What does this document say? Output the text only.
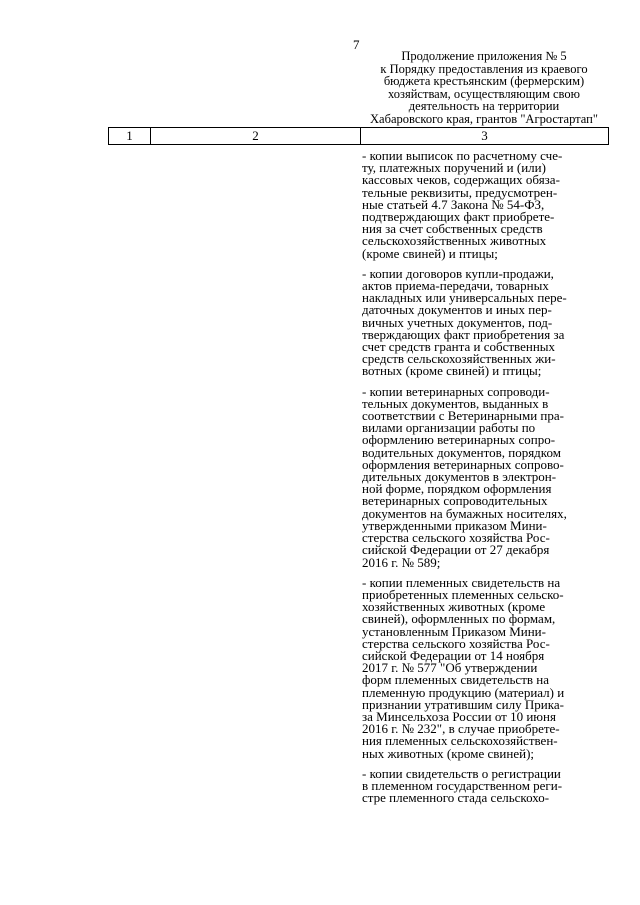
7
Продолжение приложения № 5
к Порядку предоставления из краевого
бюджета крестьянским (фермерским)
хозяйствам, осуществляющим свою
деятельность на территории
Хабаровского края, грантов "Агростартап"
1	2	3
- копии выписок по расчетному сче-
ту, платежных поручений и (или)
кассовых чеков, содержащих обяза-
тельные реквизиты, предусмотрен-
ные статьей 4.7 Закона № 54-ФЗ,
подтверждающих факт приобрете-
ния за счет собственных средств
сельскохозяйственных животных
(кроме свиней) и птицы;
- копии договоров купли-продажи,
актов приема-передачи, товарных
накладных или универсальных пере-
даточных документов и иных пер-
вичных учетных документов, под-
тверждающих факт приобретения за
счет средств гранта и собственных
средств сельскохозяйственных жи-
вотных (кроме свиней) и птицы;
- копии ветеринарных сопроводи-
тельных документов, выданных в
соответствии с Ветеринарными пра-
вилами организации работы по
оформлению ветеринарных сопро-
водительных документов, порядком
оформления ветеринарных сопрово-
дительных документов в электрон-
ной форме, порядком оформления
ветеринарных сопроводительных
документов на бумажных носителях,
утвержденными приказом Мини-
стерства сельского хозяйства Рос-
сийской Федерации от 27 декабря
2016 г. № 589;
- копии племенных свидетельств на
приобретенных племенных сельско-
хозяйственных животных (кроме
свиней), оформленных по формам,
установленным Приказом Мини-
стерства сельского хозяйства Рос-
сийской Федерации от 14 ноября
2017 г. № 577 "Об утверждении
форм племенных свидетельств на
племенную продукцию (материал) и
признании утратившим силу Прика-
за Минсельхоза России от 10 июня
2016 г. № 232", в случае приобрете-
ния племенных сельскохозяйствен-
ных животных (кроме свиней);
- копии свидетельств о регистрации
в племенном государственном реги-
стре племенного стада сельскохо-
